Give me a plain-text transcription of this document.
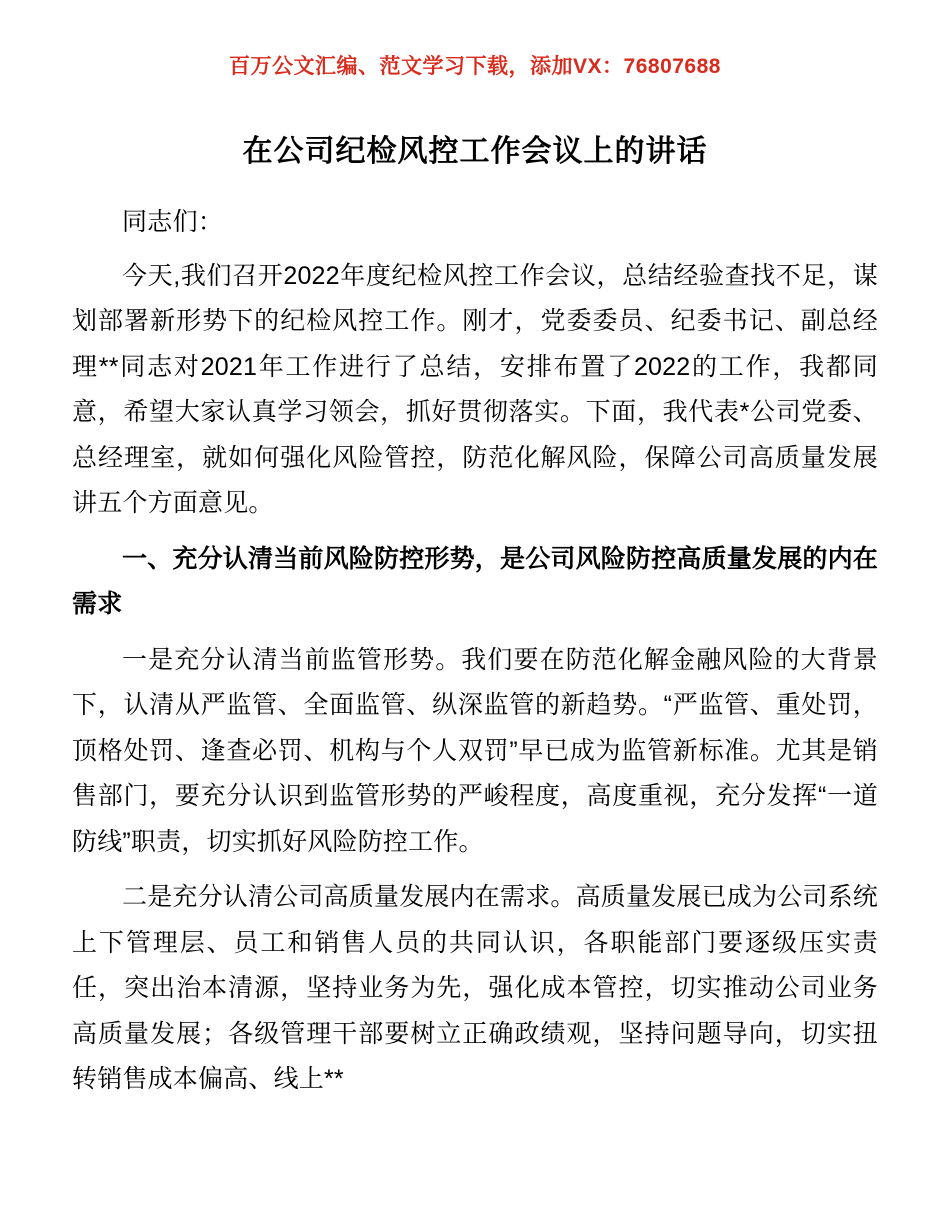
百万公文汇编、范文学习下载，添加VX：76807688
在公司纪检风控工作会议上的讲话

同志们：

今天,我们召开2022年度纪检风控工作会议，总结经验查找不足，谋划部署新形势下的纪检风控工作。刚才，党委委员、纪委书记、副总经理**同志对2021年工作进行了总结，安排布置了2022的工作，我都同意，希望大家认真学习领会，抓好贯彻落实。下面，我代表*公司党委、总经理室，就如何强化风险管控，防范化解风险，保障公司高质量发展讲五个方面意见。

一、充分认清当前风险防控形势，是公司风险防控高质量发展的内在需求

一是充分认清当前监管形势。我们要在防范化解金融风险的大背景下，认清从严监管、全面监管、纵深监管的新趋势。“严监管、重处罚，顶格处罚、逢查必罚、机构与个人双罚”早已成为监管新标准。尤其是销售部门，要充分认识到监管形势的严峻程度，高度重视，充分发挥“一道防线”职责，切实抓好风险防控工作。

二是充分认清公司高质量发展内在需求。高质量发展已成为公司系统上下管理层、员工和销售人员的共同认识，各职能部门要逐级压实责任，突出治本清源，坚持业务为先，强化成本管控，切实推动公司业务高质量发展；各级管理干部要树立正确政绩观，坚持问题导向，切实扭转销售成本偏高、线上**
